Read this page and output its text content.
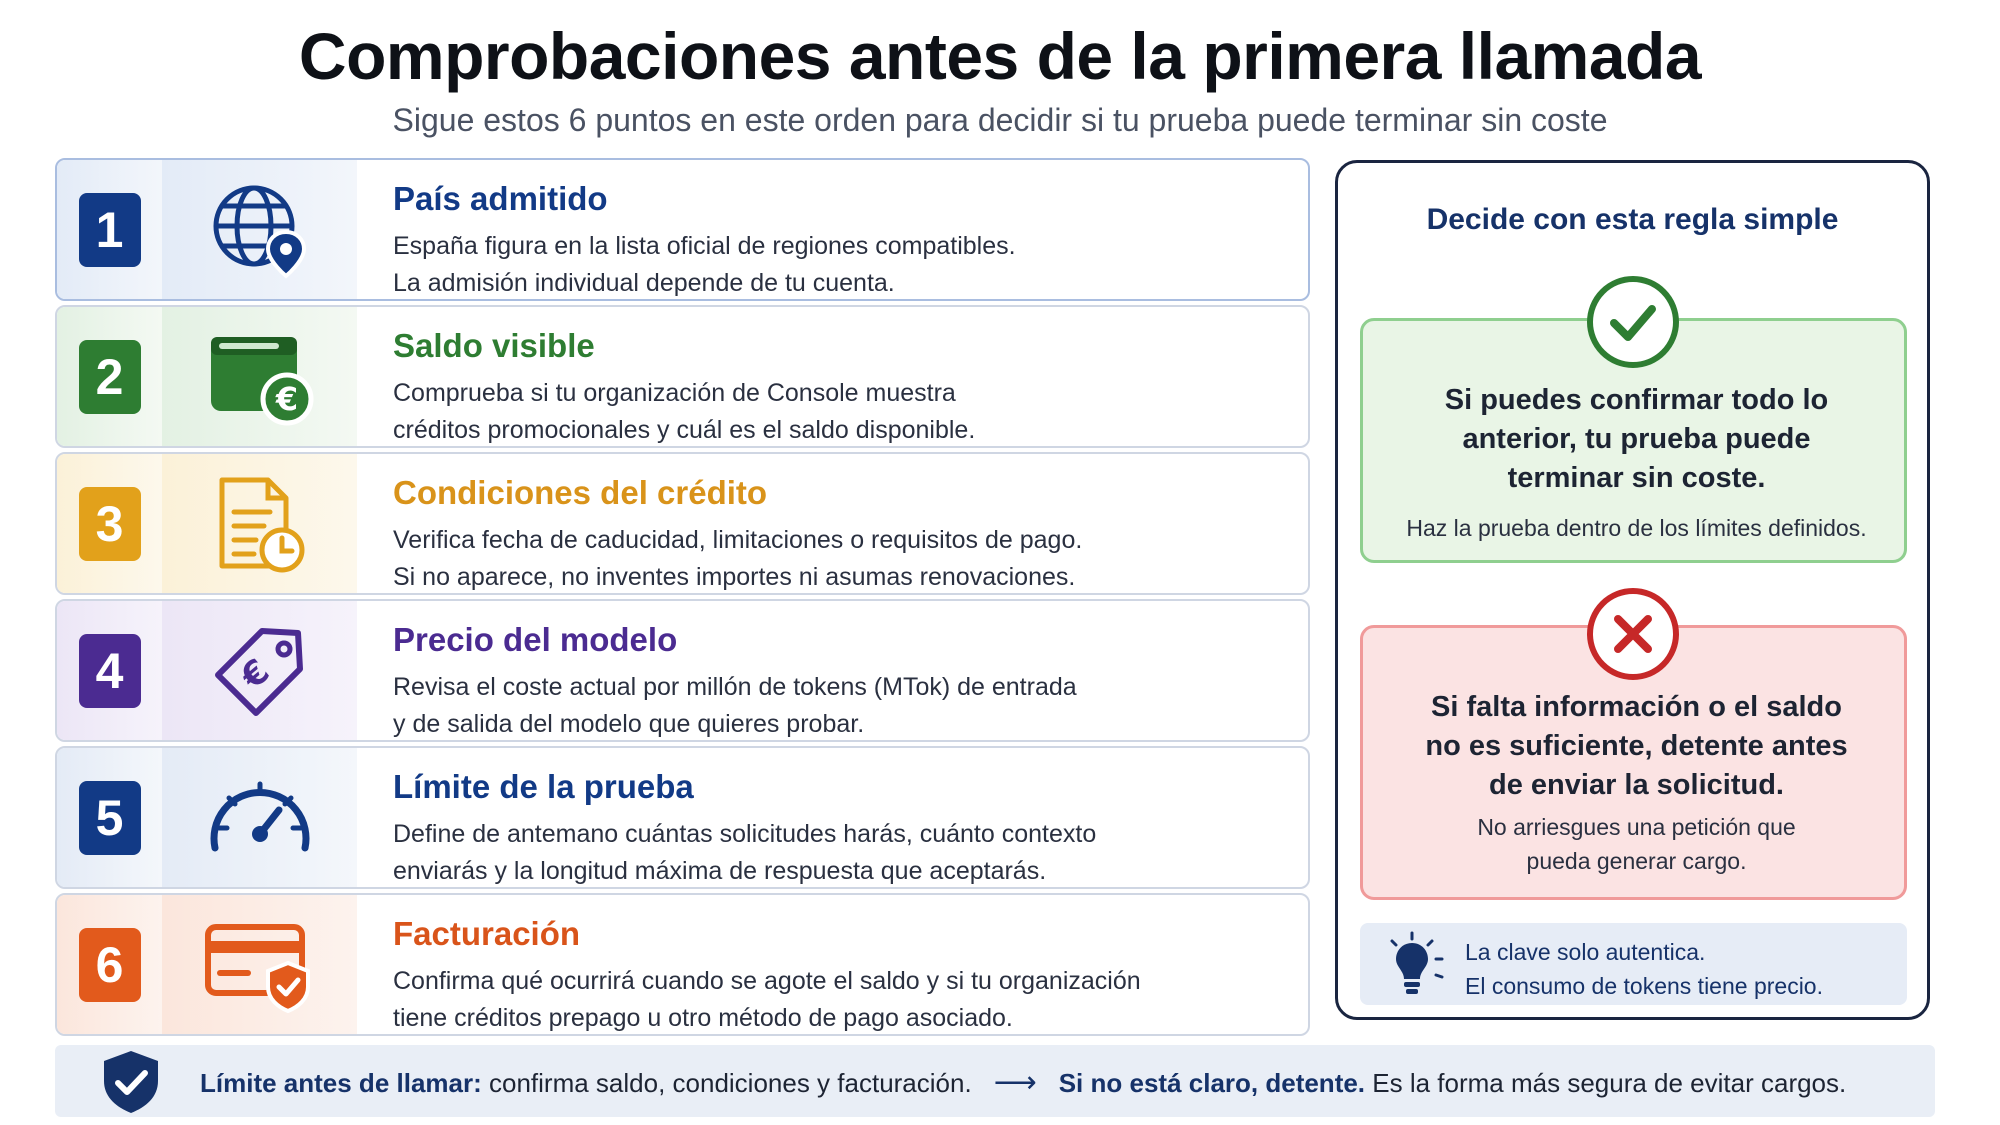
Comprobaciones antes de la primera llamada
Sigue estos 6 puntos en este orden para decidir si tu prueba puede terminar sin coste
1
País admitido
España figura en la lista oficial de regiones compatibles.
La admisión individual depende de tu cuenta.
2	€
Saldo visible
Comprueba si tu organización de Console muestra
créditos promocionales y cuál es el saldo disponible.
3
Condiciones del crédito
Verifica fecha de caducidad, limitaciones o requisitos de pago.
Si no aparece, no inventes importes ni asumas renovaciones.
4	€
Precio del modelo
Revisa el coste actual por millón de tokens (MTok) de entrada
y de salida del modelo que quieres probar.
5
Límite de la prueba
Define de antemano cuántas solicitudes harás, cuánto contexto
enviarás y la longitud máxima de respuesta que aceptarás.
6
Facturación
Confirma qué ocurrirá cuando se agote el saldo y si tu organización
tiene créditos prepago u otro método de pago asociado.
Decide con esta regla simple
Si puedes confirmar todo lo
anterior, tu prueba puede
terminar sin coste.
Haz la prueba dentro de los límites definidos.
Si falta información o el saldo
no es suficiente, detente antes
de enviar la solicitud.
No arriesgues una petición que
pueda generar cargo.
La clave solo autentica.
El consumo de tokens tiene precio.
Límite antes de llamar: confirma saldo, condiciones y facturación. ⟶ Si no está claro, detente. Es la forma más segura de evitar cargos.
